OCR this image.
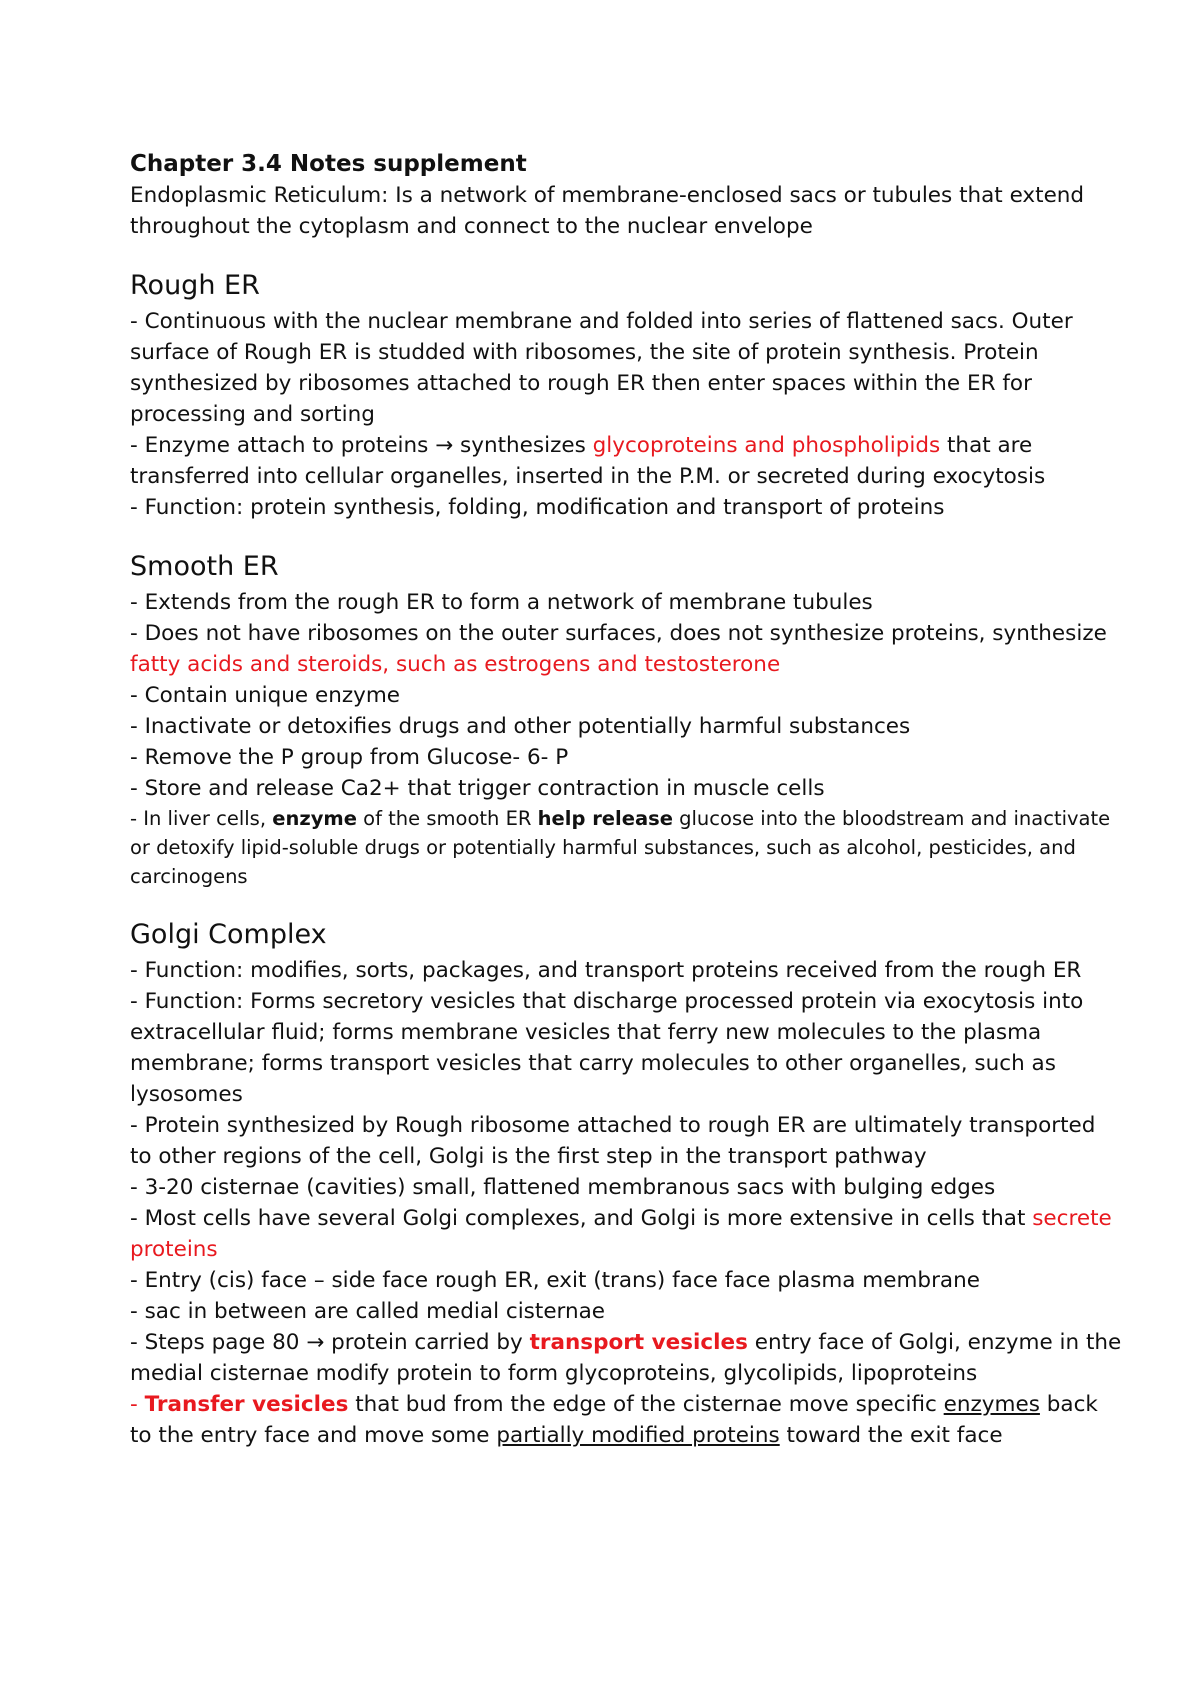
Chapter 3.4 Notes supplement

Endoplasmic Reticulum: Is a network of membrane-enclosed sacs or tubules that extend

throughout the cytoplasm and connect to the nuclear envelope

Rough ER

- Continuous with the nuclear membrane and folded into series of flattened sacs. Outer

surface of Rough ER is studded with ribosomes, the site of protein synthesis. Protein

synthesized by ribosomes attached to rough ER then enter spaces within the ER for

processing and sorting

- Enzyme attach to proteins → synthesizes glycoproteins and phospholipids that are

transferred into cellular organelles, inserted in the P.M. or secreted during exocytosis

- Function: protein synthesis, folding, modification and transport of proteins

Smooth ER

- Extends from the rough ER to form a network of membrane tubules

- Does not have ribosomes on the outer surfaces, does not synthesize proteins, synthesize

fatty acids and steroids, such as estrogens and testosterone

- Contain unique enzyme

- Inactivate or detoxifies drugs and other potentially harmful substances

- Remove the P group from Glucose- 6- P

- Store and release Ca2+ that trigger contraction in muscle cells

- In liver cells, enzyme of the smooth ER help release glucose into the bloodstream and inactivate

or detoxify lipid-soluble drugs or potentially harmful substances, such as alcohol, pesticides, and

carcinogens

Golgi Complex

- Function: modifies, sorts, packages, and transport proteins received from the rough ER

- Function: Forms secretory vesicles that discharge processed protein via exocytosis into

extracellular fluid; forms membrane vesicles that ferry new molecules to the plasma

membrane; forms transport vesicles that carry molecules to other organelles, such as

lysosomes

- Protein synthesized by Rough ribosome attached to rough ER are ultimately transported

to other regions of the cell, Golgi is the first step in the transport pathway

- 3-20 cisternae (cavities) small, flattened membranous sacs with bulging edges

- Most cells have several Golgi complexes, and Golgi is more extensive in cells that secrete

proteins

- Entry (cis) face – side face rough ER, exit (trans) face face plasma membrane

- sac in between are called medial cisternae

- Steps page 80 → protein carried by transport vesicles entry face of Golgi, enzyme in the

medial cisternae modify protein to form glycoproteins, glycolipids, lipoproteins

- Transfer vesicles that bud from the edge of the cisternae move specific enzymes back

to the entry face and move some partially modified proteins toward the exit face
